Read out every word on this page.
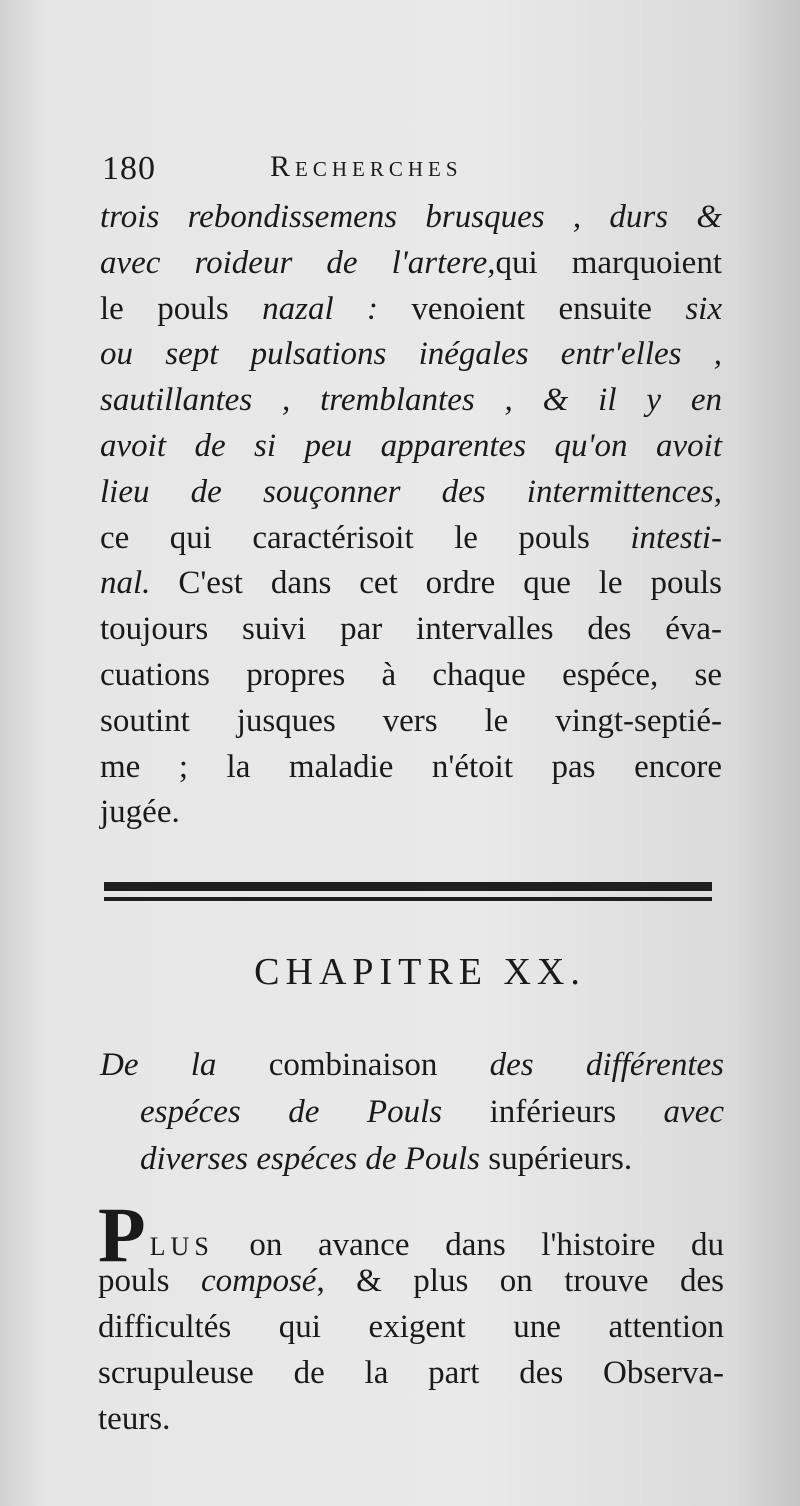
180	Recherches
trois rebondissemens brusques , durs &
avec roideur de l'artere,qui marquoient
le pouls nazal : venoient ensuite six
ou sept pulsations inégales entr'elles ,
sautillantes , tremblantes , & il y en
avoit de si peu apparentes qu'on avoit
lieu de souçonner des intermittences,
ce qui caractérisoit le pouls intesti-
nal. C'est dans cet ordre que le pouls
toujours suivi par intervalles des éva-
cuations propres à chaque espéce, se
soutint jusques vers le vingt-septié-
me ; la maladie n'étoit pas encore
jugée.
CHAPITRE XX.
De la combinaison des différentes
espéces de Pouls inférieurs avec
diverses espéces de Pouls supérieurs.
PLUS on avance dans l'histoire du
pouls composé, & plus on trouve des
difficultés qui exigent une attention
scrupuleuse de la part des Observa-
teurs.
